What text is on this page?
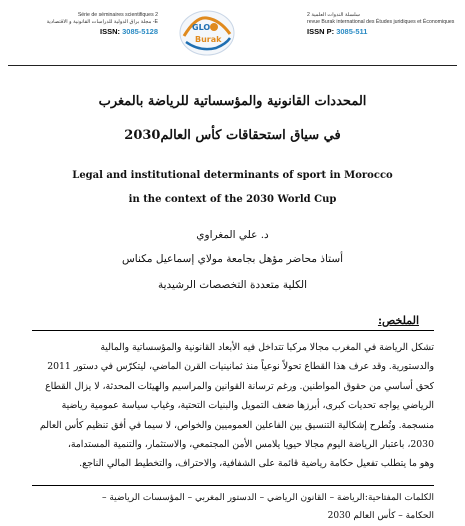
Série de séminaires scientifiques 2
مجلة براق الدولية للدراسات القانونية و الاقتصادية -E
ISSN: 3085-5128	GLO
Burak
سلسلة الندوات العلمية 2
revue Burak international des Études juridiques et Économiques
ISSN P: 3085-511
المحددات القانونية والمؤسساتية للرياضة بالمغرب
في سياق استحقاقات كأس العالم2030
Legal and institutional determinants of sport in Morocco
in the context of the 2030 World Cup
د. علي المغراوي
أستاذ محاضر مؤهل بجامعة مولاي إسماعيل مكناس
الكلية متعددة التخصصات الرشيدية
الملخص:
تشكل الرياضة في المغرب مجالا مركبا تتداخل فيه الأبعاد القانونية والمؤسساتية والمالية
والدستورية. وقد عرف هذا القطاع تحولاً نوعياً منذ ثمانينيات القرن الماضي، ليتكرّس في دستور 2011
كحق أساسي من حقوق المواطنين. ورغم ترسانة القوانين والمراسيم والهيئات المحدثة، لا يزال القطاع
الرياضي يواجه تحديات كبرى، أبرزها ضعف التمويل والبنيات التحتية، وغياب سياسة عمومية رياضية
منسجمة. وتُطرح إشكالية التنسيق بين الفاعلين العموميين والخواص، لا سيما في أفق تنظيم كأس العالم
2030، باعتبار الرياضة اليوم مجالا حيويا يلامس الأمن المجتمعي، والاستثمار، والتنمية المستدامة،
وهو ما يتطلب تفعيل حكامة رياضية قائمة على الشفافية، والاحتراف، والتخطيط المالي الناجع.
الكلمات المفتاحية:الرياضة – القانون الرياضي – الدستور المغربي – المؤسسات الرياضية –
الحكامة – كأس العالم 2030
